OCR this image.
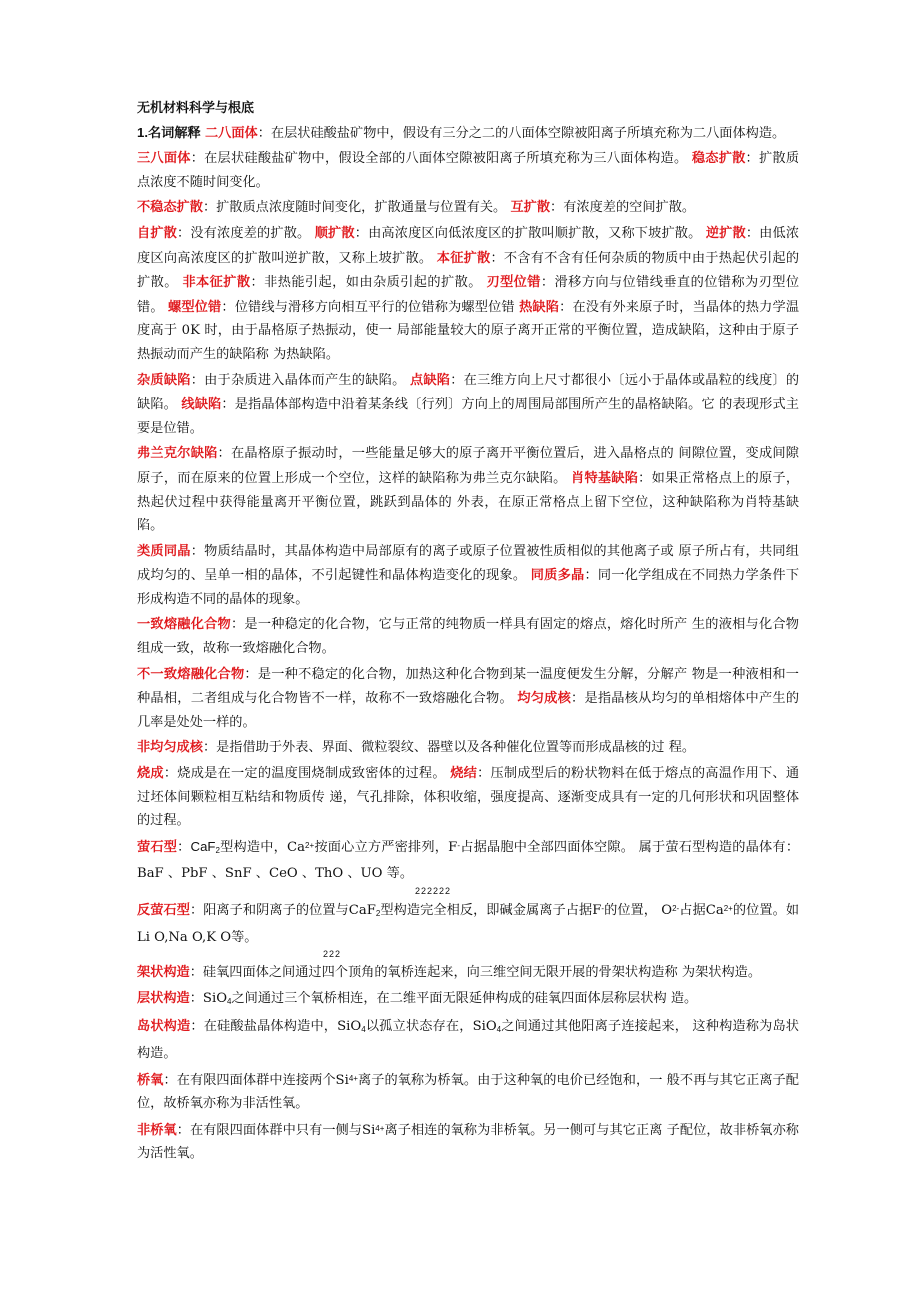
无机材料科学与根底

1.名词解释 二八面体：在层状硅酸盐矿物中，假设有三分之二的八面体空隙被阳离子所填充称为二八面体构造。

三八面体：在层状硅酸盐矿物中，假设全部的八面体空隙被阳离子所填充称为三八面体构造。 稳态扩散：扩散质点浓度不随时间变化。

不稳态扩散：扩散质点浓度随时间变化，扩散通量与位置有关。 互扩散：有浓度差的空间扩散。

自扩散：没有浓度差的扩散。 顺扩散：由高浓度区向低浓度区的扩散叫顺扩散，又称下坡扩散。 逆扩散：由低浓度区向高浓度区的扩散叫逆扩散，又称上坡扩散。 本征扩散：不含有不含有任何杂质的物质中由于热起伏引起的扩散。 非本征扩散：非热能引起，如由杂质引起的扩散。 刃型位错：滑移方向与位错线垂直的位错称为刃型位错。 螺型位错：位错线与滑移方向相互平行的位错称为螺型位错 热缺陷：在没有外来原子时，当晶体的热力学温度高于 0K 时，由于晶格原子热振动，使一 局部能量较大的原子离开正常的平衡位置，造成缺陷，这种由于原子热振动而产生的缺陷称 为热缺陷。

杂质缺陷：由于杂质进入晶体而产生的缺陷。 点缺陷：在三维方向上尺寸都很小〔远小于晶体或晶粒的线度〕的缺陷。 线缺陷：是指晶体部构造中沿着某条线〔行列〕方向上的周围局部围所产生的晶格缺陷。它 的表现形式主要是位错。

弗兰克尔缺陷：在晶格原子振动时，一些能量足够大的原子离开平衡位置后，进入晶格点的 间隙位置，变成间隙原子，而在原来的位置上形成一个空位，这样的缺陷称为弗兰克尔缺陷。 肖特基缺陷：如果正常格点上的原子，热起伏过程中获得能量离开平衡位置，跳跃到晶体的 外表，在原正常格点上留下空位，这种缺陷称为肖特基缺陷。

类质同晶：物质结晶时，其晶体构造中局部原有的离子或原子位置被性质相似的其他离子或 原子所占有，共同组成均匀的、呈单一相的晶体，不引起键性和晶体构造变化的现象。 同质多晶：同一化学组成在不同热力学条件下形成构造不同的晶体的现象。

一致熔融化合物：是一种稳定的化合物，它与正常的纯物质一样具有固定的熔点，熔化时所产 生的液相与化合物组成一致，故称一致熔融化合物。

不一致熔融化合物：是一种不稳定的化合物，加热这种化合物到某一温度便发生分解，分解产 物是一种液相和一种晶相，二者组成与化合物皆不一样，故称不一致熔融化合物。 均匀成核：是指晶核从均匀的单相熔体中产生的几率是处处一样的。

非均匀成核：是指借助于外表、界面、微粒裂纹、器壁以及各种催化位置等而形成晶核的过 程。

烧成：烧成是在一定的温度围烧制成致密体的过程。 烧结：压制成型后的粉状物料在低于熔点的高温作用下、通过坯体间颗粒相互粘结和物质传 递，气孔排除，体积收缩，强度提高、逐渐变成具有一定的几何形状和巩固整体的过程。

萤石型：CaF$_2$型构造中，$Ca^{2+}$按面心立方严密排列，F-占据晶胞中全部四面体空隙。 属于萤石型构造的晶体有： BaF 、PbF 、SnF 、CeO 、ThO 、UO 等。
222222

反萤石型：阳离子和阴离子的位置与CaF$_2$型构造完全相反，即碱金属离子占据F-的位置， $O^{2-}$占据$Ca^{2+}$的位置。如Li O,Na O,K O等。
222

架状构造：硅氧四面体之间通过四个顶角的氧桥连起来，向三维空间无限开展的骨架状构造称 为架状构造。

层状构造：SiO$_4$之间通过三个氧桥相连，在二维平面无限延伸构成的硅氧四面体层称层状构 造。

岛状构造：在硅酸盐晶体构造中，SiO$_4$以孤立状态存在，SiO$_4$之间通过其他阳离子连接起来， 这种构造称为岛状构造。

桥氧：在有限四面体群中连接两个$Si^{4+}$离子的氧称为桥氧。由于这种氧的电价已经饱和，一 般不再与其它正离子配位，故桥氧亦称为非活性氧。

非桥氧：在有限四面体群中只有一侧与$Si^{4+}$离子相连的氧称为非桥氧。另一侧可与其它正离 子配位，故非桥氧亦称为活性氧。
